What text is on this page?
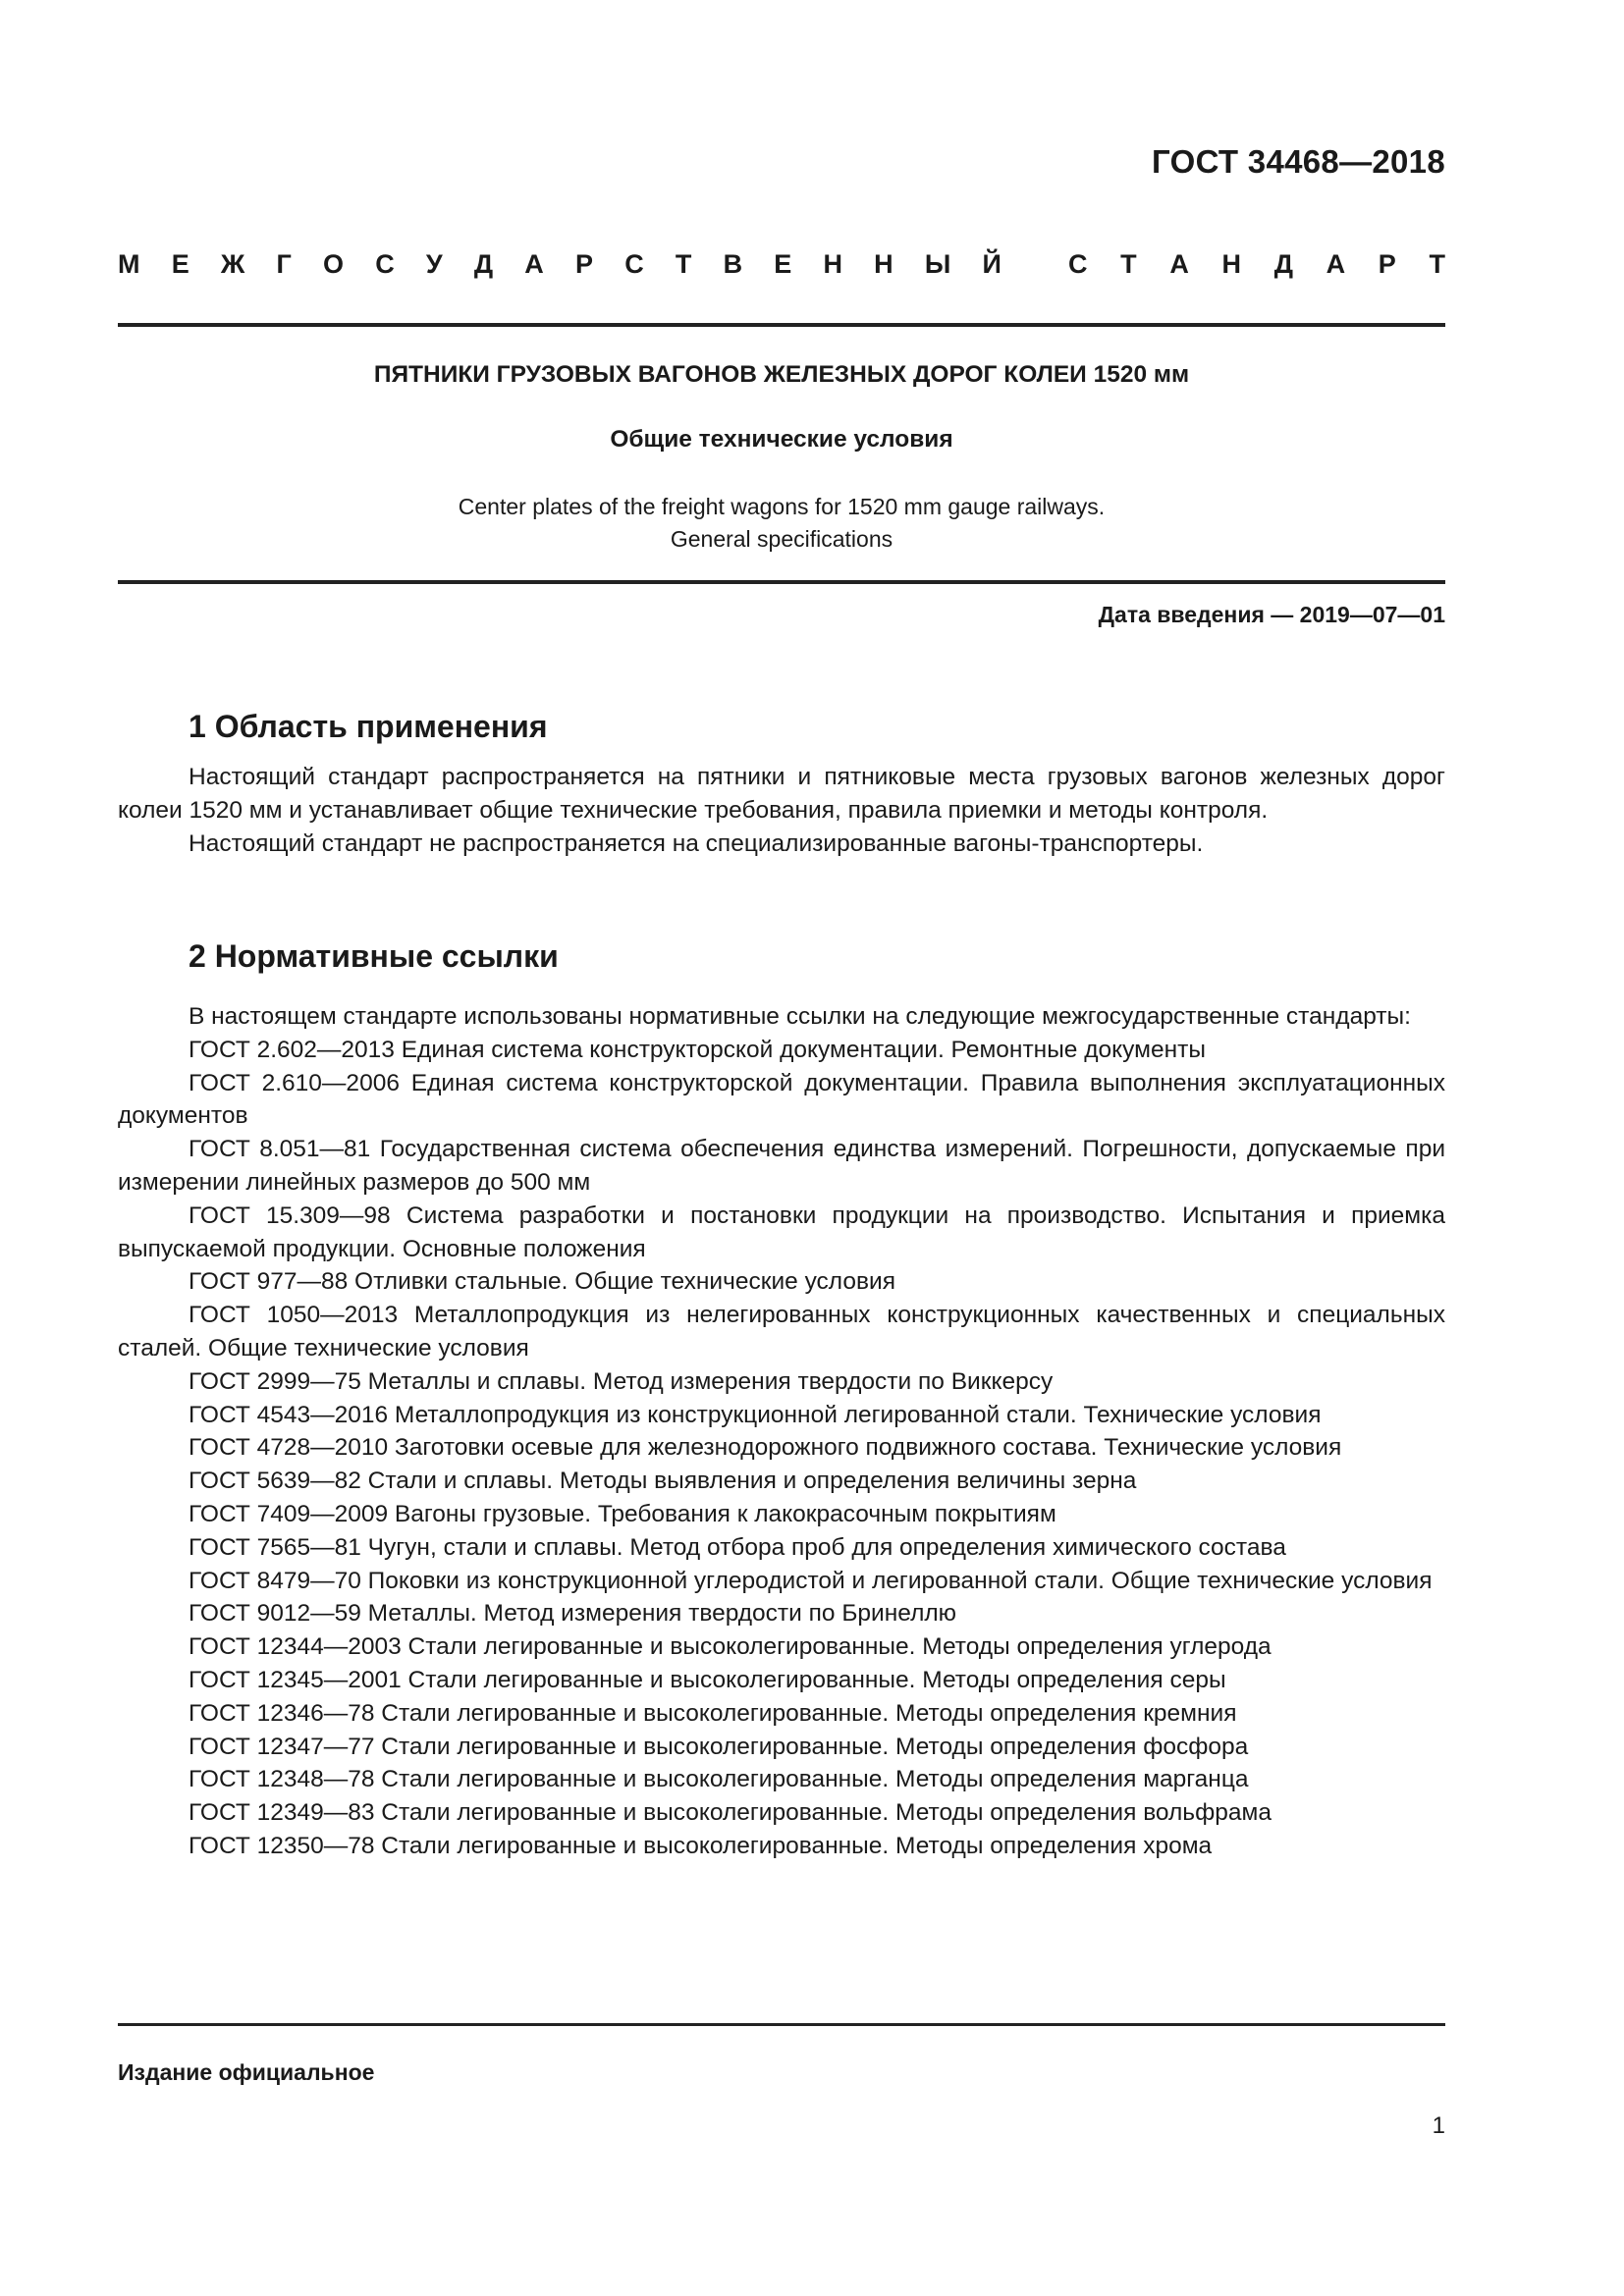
ГОСТ 34468—2018
М Е Ж Г О С У Д А Р С Т В Е Н Н Ы Й	С Т А Н Д А Р Т
ПЯТНИКИ ГРУЗОВЫХ ВАГОНОВ ЖЕЛЕЗНЫХ ДОРОГ КОЛЕИ 1520 мм
Общие технические условия
Center plates of the freight wagons for 1520 mm gauge railways.
General specifications
Дата введения — 2019—07—01
1 Область применения

Настоящий стандарт распространяется на пятники и пятниковые места грузовых вагонов железных дорог колеи 1520 мм и устанавливает общие технические требования, правила приемки и методы контроля.

Настоящий стандарт не распространяется на специализированные вагоны-транспортеры.

2 Нормативные ссылки

В настоящем стандарте использованы нормативные ссылки на следующие межгосударственные стандарты:

ГОСТ 2.602—2013 Единая система конструкторской документации. Ремонтные документы

ГОСТ 2.610—2006 Единая система конструкторской документации. Правила выполнения эксплуатационных документов

ГОСТ 8.051—81 Государственная система обеспечения единства измерений. Погрешности, допускаемые при измерении линейных размеров до 500 мм

ГОСТ 15.309—98 Система разработки и постановки продукции на производство. Испытания и приемка выпускаемой продукции. Основные положения

ГОСТ 977—88 Отливки стальные. Общие технические условия

ГОСТ 1050—2013 Металлопродукция из нелегированных конструкционных качественных и специальных сталей. Общие технические условия

ГОСТ 2999—75 Металлы и сплавы. Метод измерения твердости по Виккерсу

ГОСТ 4543—2016 Металлопродукция из конструкционной легированной стали. Технические условия

ГОСТ 4728—2010 Заготовки осевые для железнодорожного подвижного состава. Технические условия

ГОСТ 5639—82 Стали и сплавы. Методы выявления и определения величины зерна

ГОСТ 7409—2009 Вагоны грузовые. Требования к лакокрасочным покрытиям

ГОСТ 7565—81 Чугун, стали и сплавы. Метод отбора проб для определения химического состава

ГОСТ 8479—70 Поковки из конструкционной углеродистой и легированной стали. Общие технические условия

ГОСТ 9012—59 Металлы. Метод измерения твердости по Бринеллю

ГОСТ 12344—2003 Стали легированные и высоколегированные. Методы определения углерода

ГОСТ 12345—2001 Стали легированные и высоколегированные. Методы определения серы

ГОСТ 12346—78 Стали легированные и высоколегированные. Методы определения кремния

ГОСТ 12347—77 Стали легированные и высоколегированные. Методы определения фосфора

ГОСТ 12348—78 Стали легированные и высоколегированные. Методы определения марганца

ГОСТ 12349—83 Стали легированные и высоколегированные. Методы определения вольфрама

ГОСТ 12350—78 Стали легированные и высоколегированные. Методы определения хрома

Издание официальное
1
